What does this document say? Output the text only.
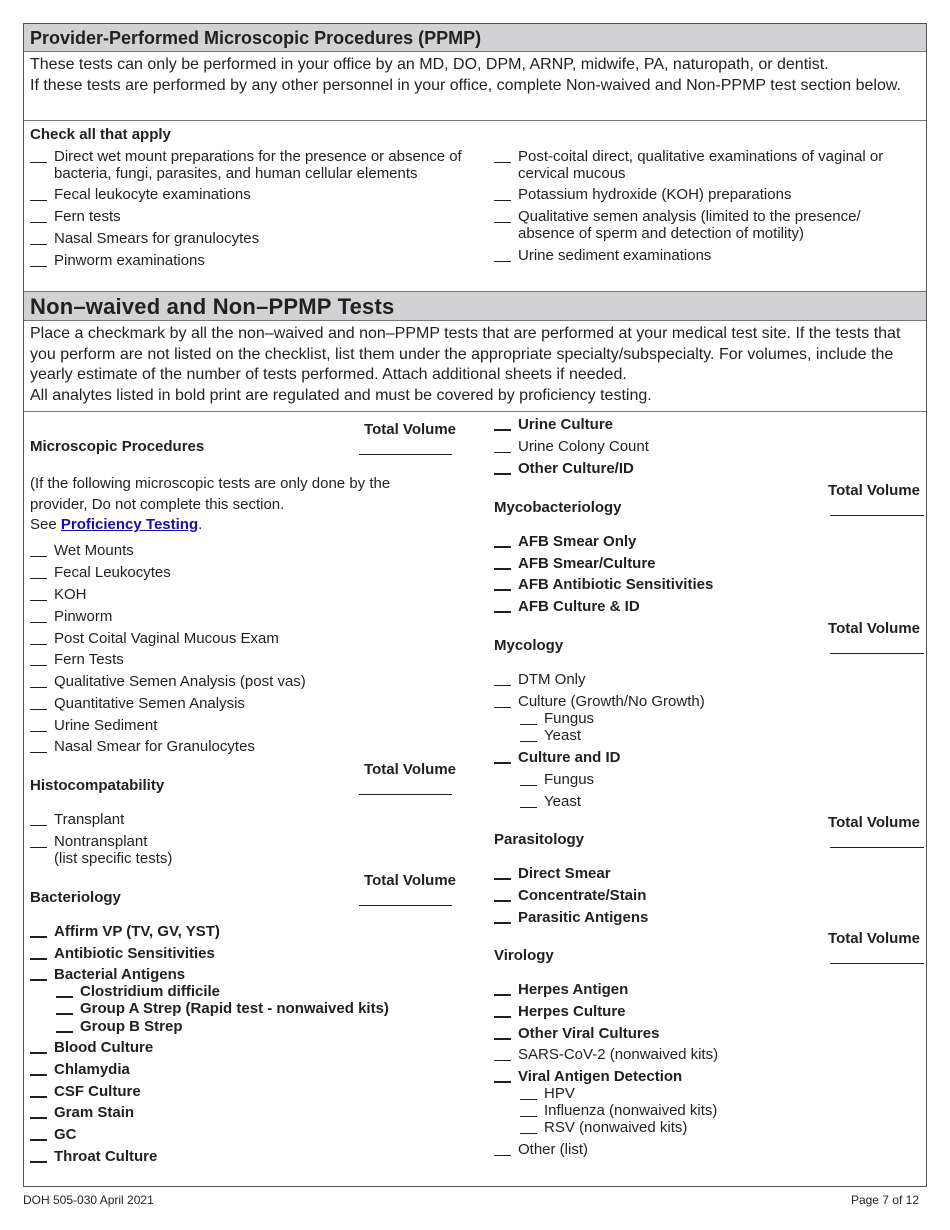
Provider-Performed Microscopic Procedures (PPMP)
These tests can only be performed in your office by an MD, DO, DPM, ARNP, midwife, PA, naturopath, or dentist.
If these tests are performed by any other personnel in your office, complete Non-waived and Non-PPMP test section below.
Check all that apply
Direct wet mount preparations for the presence or absence of bacteria, fungi, parasites, and human cellular elements
Fecal leukocyte examinations
Fern tests
Nasal Smears for granulocytes
Pinworm examinations
Post-coital direct, qualitative examinations of vaginal or cervical mucous
Potassium hydroxide (KOH) preparations
Qualitative semen analysis (limited to the presence/ absence of sperm and detection of motility)
Urine sediment examinations
Non–waived and Non–PPMP Tests
Place a checkmark by all the non–waived and non–PPMP tests that are performed at your medical test site. If the tests that you perform are not listed on the checklist, list them under the appropriate specialty/subspecialty. For volumes, include the yearly estimate of the number of tests performed. Attach additional sheets if needed.
All analytes listed in bold print are regulated and must be covered by proficiency testing.
Total Volume
Microscopic Procedures
(If the following microscopic tests are only done by the
provider, Do not complete this section.
See Proficiency Testing.
Wet Mounts
Fecal Leukocytes
KOH
Pinworm
Post Coital Vaginal Mucous Exam
Fern Tests
Qualitative Semen Analysis (post vas)
Quantitative Semen Analysis
Urine Sediment
Nasal Smear for Granulocytes
Total Volume
Histocompatability
Transplant
Nontransplant
(list specific tests)
Total Volume
Bacteriology
Affirm VP (TV, GV, YST)
Antibiotic Sensitivities
Bacterial Antigens
Clostridium difficile
Group A Strep (Rapid test - nonwaived kits)
Group B Strep
Blood Culture
Chlamydia
CSF Culture
Gram Stain
GC
Throat Culture
Urine Culture
Urine Colony Count
Other Culture/ID
Total Volume
Mycobacteriology
AFB Smear Only
AFB Smear/Culture
AFB Antibiotic Sensitivities
AFB Culture & ID
Total Volume
Mycology
DTM Only
Culture (Growth/No Growth)
Fungus
Yeast
Culture and ID
Fungus
Yeast
Total Volume
Parasitology
Direct Smear
Concentrate/Stain
Parasitic Antigens
Total Volume
Virology
Herpes Antigen
Herpes Culture
Other Viral Cultures
SARS-CoV-2 (nonwaived kits)
Viral Antigen Detection
HPV
Influenza (nonwaived kits)
RSV (nonwaived kits)
Other (list)
DOH 505-030 April 2021	Page 7 of 12
